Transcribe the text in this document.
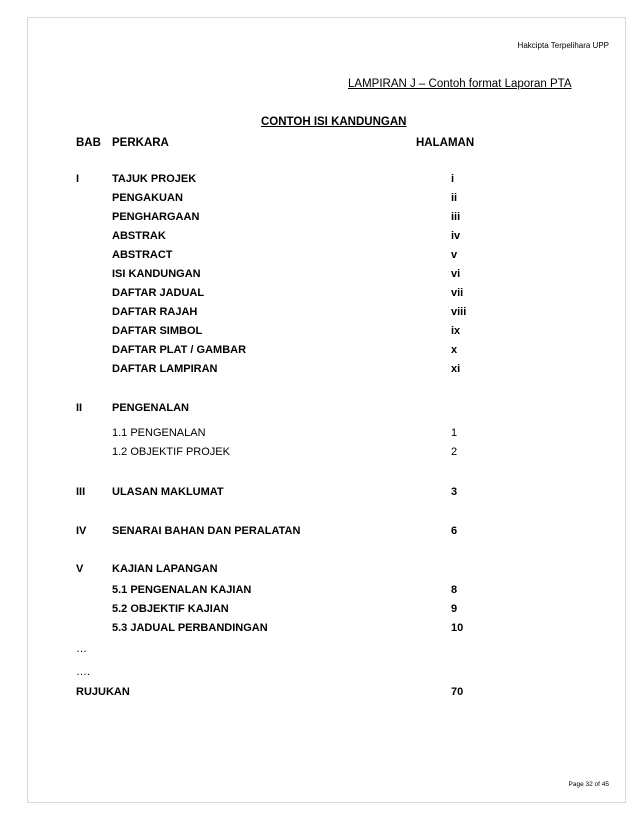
Hakcipta Terpelihara UPP
LAMPIRAN J – Contoh format Laporan PTA
CONTOH ISI KANDUNGAN
BAB PERKARA	HALAMAN
I	TAJUK PROJEK	i
PENGAKUAN	ii
PENGHARGAAN	iii
ABSTRAK	iv
ABSTRACT	v
ISI KANDUNGAN	vi
DAFTAR JADUAL	vii
DAFTAR RAJAH	viii
DAFTAR SIMBOL	ix
DAFTAR PLAT / GAMBAR	x
DAFTAR LAMPIRAN	xi
II	PENGENALAN
1.1 PENGENALAN	1
1.2 OBJEKTIF PROJEK	2
III ULASAN MAKLUMAT	3
IV SENARAI BAHAN DAN PERALATAN	6
V	KAJIAN LAPANGAN
5.1 PENGENALAN KAJIAN	8
5.2 OBJEKTIF KAJIAN	9
5.3 JADUAL PERBANDINGAN	10
…
….
RUJUKAN	70
Page 32 of 45
